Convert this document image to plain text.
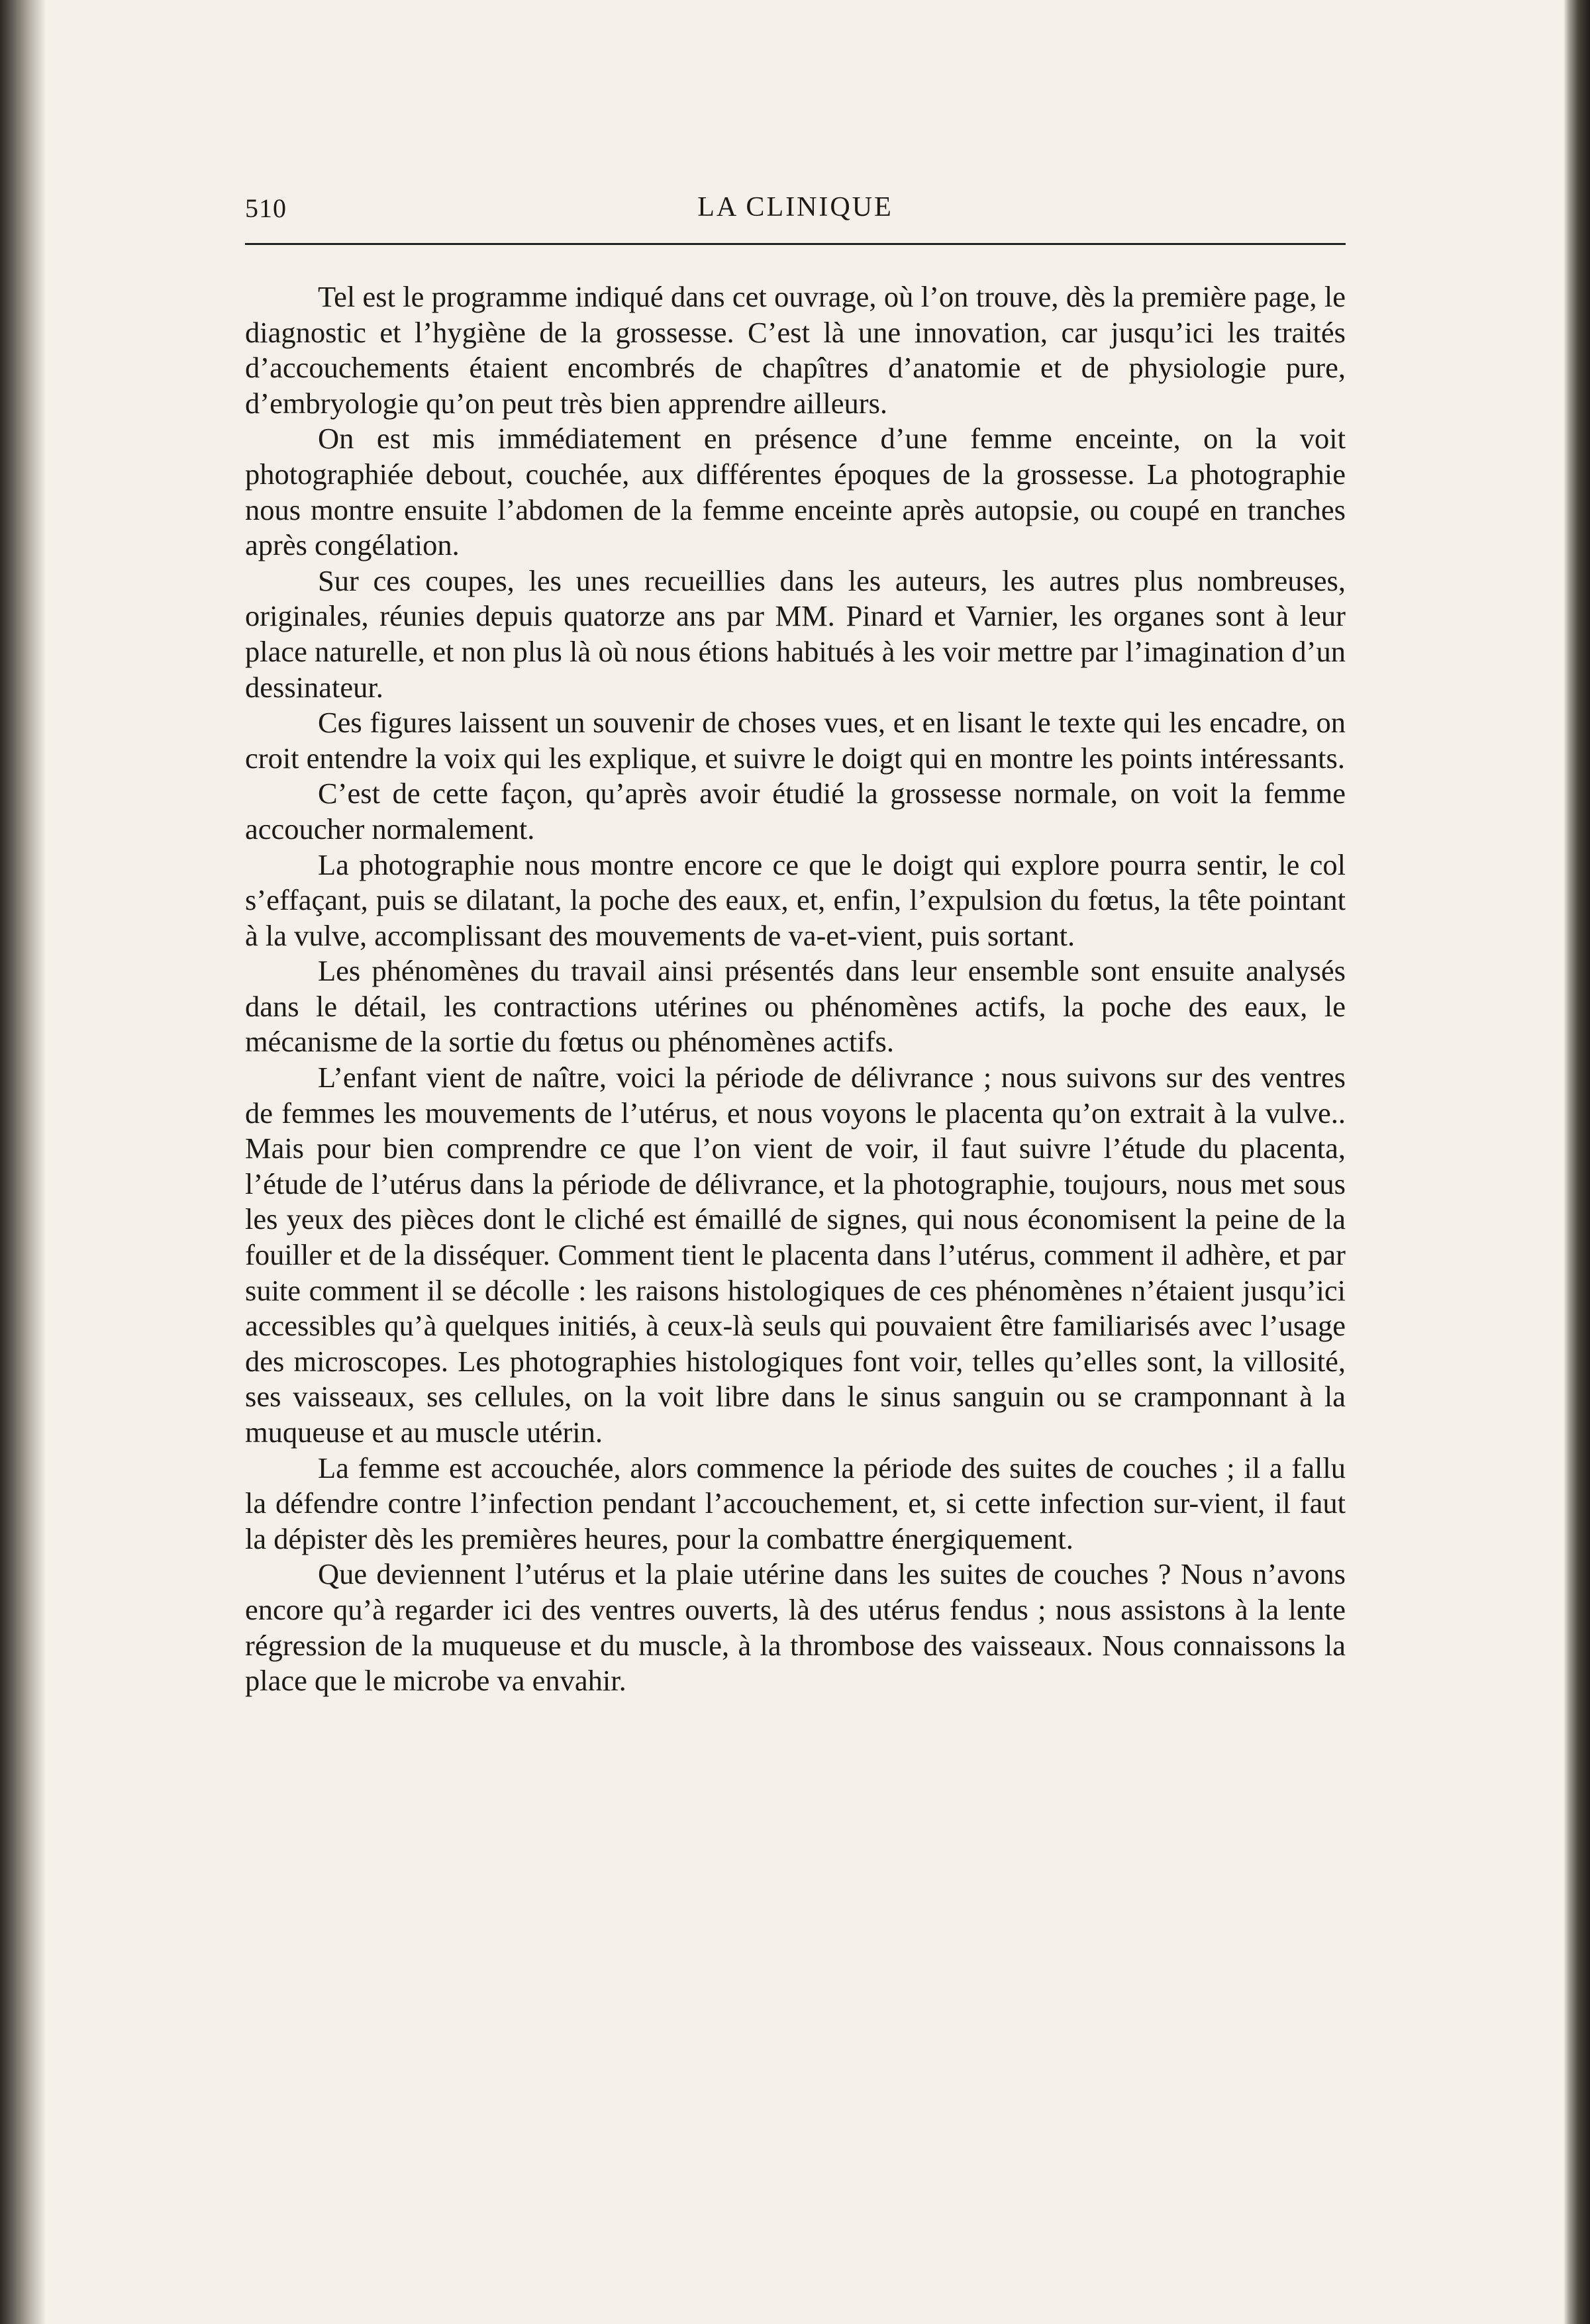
510	LA CLINIQUE

Tel est le programme indiqué dans cet ouvrage, où l’on trouve, dès la première page, le diagnostic et l’hygiène de la grossesse. C’est là une innovation, car jusqu’ici les traités d’accouchements étaient encombrés de chapîtres d’anatomie et de physiologie pure, d’embryologie qu’on peut très bien apprendre ailleurs.

On est mis immédiatement en présence d’une femme enceinte, on la voit photographiée debout, couchée, aux différentes époques de la grossesse. La photographie nous montre ensuite l’abdomen de la femme enceinte après autopsie, ou coupé en tranches après congélation.

Sur ces coupes, les unes recueillies dans les auteurs, les autres plus nombreuses, originales, réunies depuis quatorze ans par MM. Pinard et Varnier, les organes sont à leur place naturelle, et non plus là où nous étions habitués à les voir mettre par l’imagination d’un dessinateur.

Ces figures laissent un souvenir de choses vues, et en lisant le texte qui les encadre, on croit entendre la voix qui les explique, et suivre le doigt qui en montre les points intéressants.

C’est de cette façon, qu’après avoir étudié la grossesse normale, on voit la femme accoucher normalement.

La photographie nous montre encore ce que le doigt qui explore pourra sentir, le col s’effaçant, puis se dilatant, la poche des eaux, et, enfin, l’expulsion du fœtus, la tête pointant à la vulve, accomplissant des mouvements de va-et-vient, puis sortant.

Les phénomènes du travail ainsi présentés dans leur ensemble sont ensuite analysés dans le détail, les contractions utérines ou phénomènes actifs, la poche des eaux, le mécanisme de la sortie du fœtus ou phénomènes actifs.

L’enfant vient de naître, voici la période de délivrance ; nous suivons sur des ventres de femmes les mouvements de l’utérus, et nous voyons le placenta qu’on extrait à la vulve.. Mais pour bien comprendre ce que l’on vient de voir, il faut suivre l’étude du placenta, l’étude de l’utérus dans la période de délivrance, et la photographie, toujours, nous met sous les yeux des pièces dont le cliché est émaillé de signes, qui nous économisent la peine de la fouiller et de la disséquer. Comment tient le placenta dans l’utérus, comment il adhère, et par suite comment il se décolle : les raisons histologiques de ces phénomènes n’étaient jusqu’ici accessibles qu’à quelques initiés, à ceux-là seuls qui pouvaient être familiarisés avec l’usage des microscopes. Les photographies histologiques font voir, telles qu’elles sont, la villosité, ses vaisseaux, ses cellules, on la voit libre dans le sinus sanguin ou se cramponnant à la muqueuse et au muscle utérin.

La femme est accouchée, alors commence la période des suites de couches ; il a fallu la défendre contre l’infection pendant l’accouchement, et, si cette infection sur-vient, il faut la dépister dès les premières heures, pour la combattre énergiquement.

Que deviennent l’utérus et la plaie utérine dans les suites de couches ? Nous n’avons encore qu’à regarder ici des ventres ouverts, là des utérus fendus ; nous assistons à la lente régression de la muqueuse et du muscle, à la thrombose des vaisseaux. Nous connaissons la place que le microbe va envahir.
